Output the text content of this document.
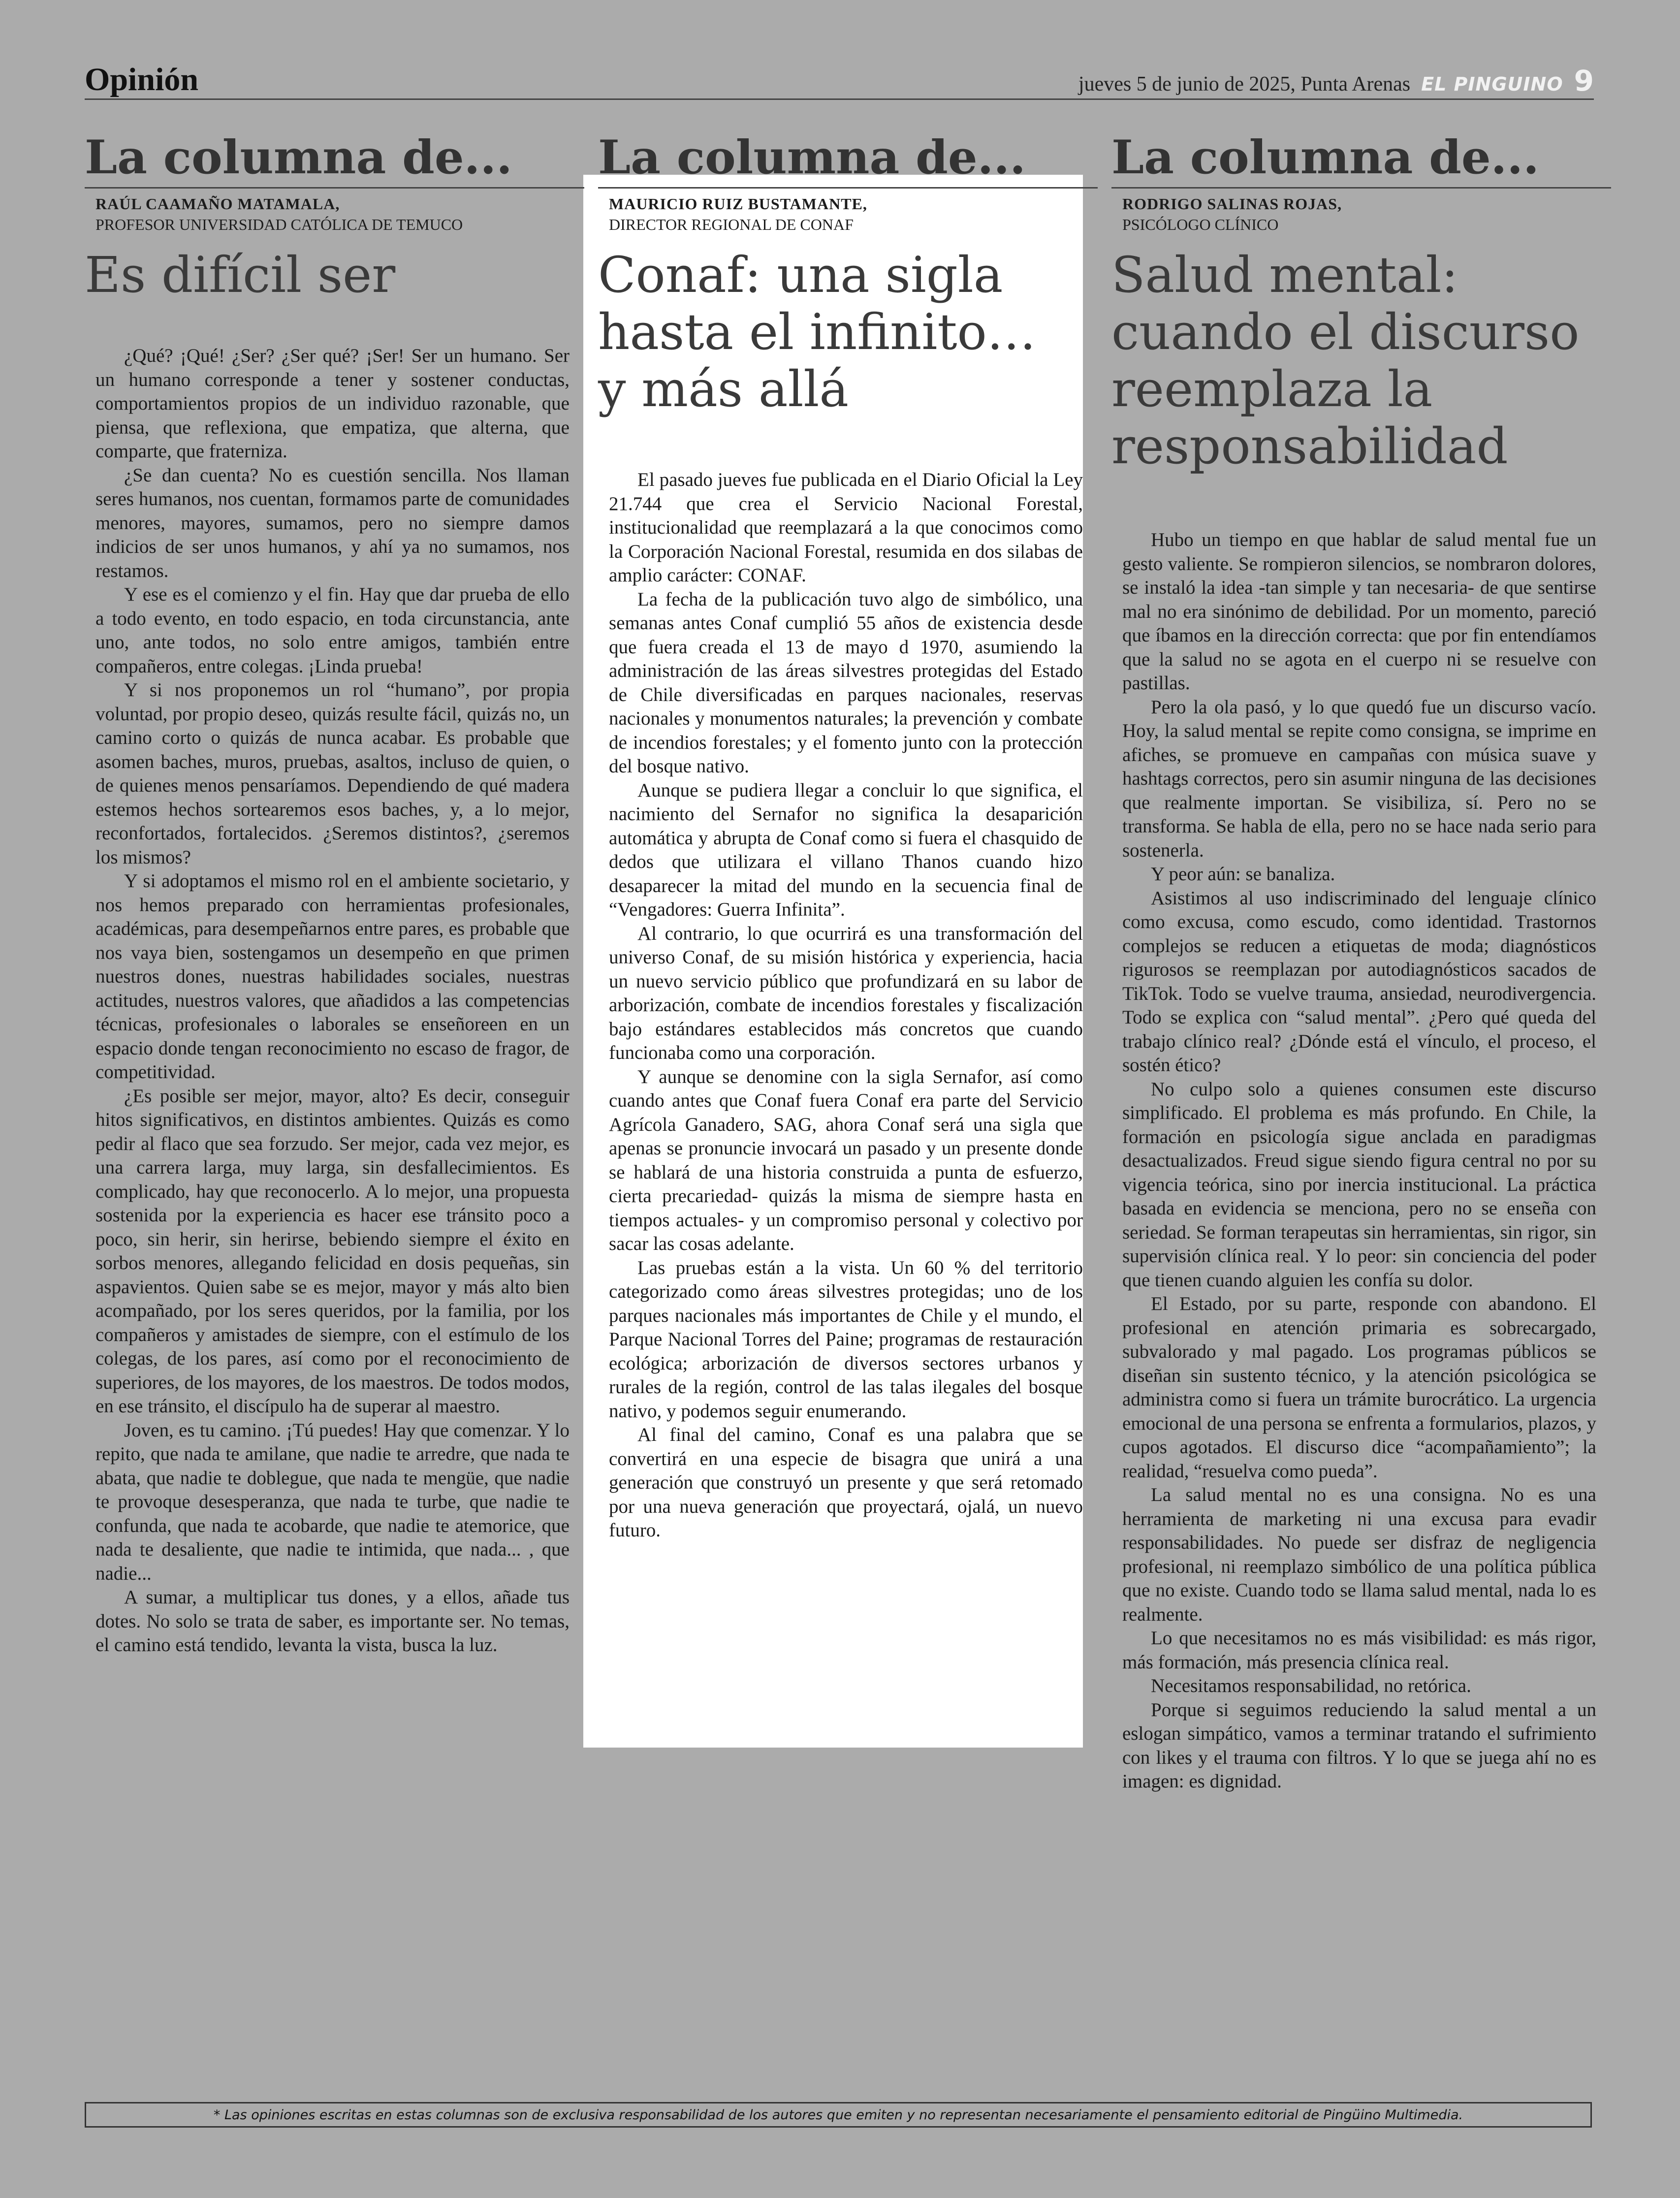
Opinión	jueves 5 de junio de 2025, Punta Arenas EL PINGUINO 9
La columna de...
RAÚL CAAMAÑO MATAMALA,
PROFESOR UNIVERSIDAD CATÓLICA DE TEMUCO
Es difícil ser

¿Qué? ¡Qué! ¿Ser? ¿Ser qué? ¡Ser! Ser un humano. Ser un humano corresponde a tener y sostener conductas, comportamientos propios de un individuo razonable, que piensa, que reflexiona, que empatiza, que alterna, que comparte, que fraterniza.

¿Se dan cuenta? No es cuestión sencilla. Nos llaman seres humanos, nos cuentan, formamos parte de comunidades menores, mayores, sumamos, pero no siempre damos indicios de ser unos humanos, y ahí ya no sumamos, nos restamos.

Y ese es el comienzo y el fin. Hay que dar prueba de ello a todo evento, en todo espacio, en toda circunstancia, ante uno, ante todos, no solo entre amigos, también entre compañeros, entre colegas. ¡Linda prueba!

Y si nos proponemos un rol “humano”, por propia voluntad, por propio deseo, quizás resulte fácil, quizás no, un camino corto o quizás de nunca acabar. Es probable que asomen baches, muros, pruebas, asaltos, incluso de quien, o de quienes menos pensaríamos. Dependiendo de qué madera estemos hechos sortearemos esos baches, y, a lo mejor, reconfortados, fortalecidos. ¿Seremos distintos?, ¿seremos los mismos?

Y si adoptamos el mismo rol en el ambiente societario, y nos hemos preparado con herramientas profesionales, académicas, para desempeñarnos entre pares, es probable que nos vaya bien, sostengamos un desempeño en que primen nuestros dones, nuestras habilidades sociales, nuestras actitudes, nuestros valores, que añadidos a las competencias técnicas, profesionales o laborales se enseñoreen en un espacio donde tengan reconocimiento no escaso de fragor, de competitividad.

¿Es posible ser mejor, mayor, alto? Es decir, conseguir hitos significativos, en distintos ambientes. Quizás es como pedir al flaco que sea forzudo. Ser mejor, cada vez mejor, es una carrera larga, muy larga, sin desfallecimientos. Es complicado, hay que reconocerlo. A lo mejor, una propuesta sostenida por la experiencia es hacer ese tránsito poco a poco, sin herir, sin herirse, bebiendo siempre el éxito en sorbos menores, allegando felicidad en dosis pequeñas, sin aspavientos. Quien sabe se es mejor, mayor y más alto bien acompañado, por los seres queridos, por la familia, por los compañeros y amistades de siempre, con el estímulo de los colegas, de los pares, así como por el reconocimiento de superiores, de los mayores, de los maestros. De todos modos, en ese tránsito, el discípulo ha de superar al maestro.

Joven, es tu camino. ¡Tú puedes! Hay que comenzar. Y lo repito, que nada te amilane, que nadie te arredre, que nada te abata, que nadie te doblegue, que nada te mengüe, que nadie te provoque desesperanza, que nada te turbe, que nadie te confunda, que nada te acobarde, que nadie te atemorice, que nada te desaliente, que nadie te intimida, que nada... , que nadie...

A sumar, a multiplicar tus dones, y a ellos, añade tus dotes. No solo se trata de saber, es importante ser. No temas, el camino está tendido, levanta la vista, busca la luz.

La columna de...
MAURICIO RUIZ BUSTAMANTE,
DIRECTOR REGIONAL DE CONAF
Conaf: una sigla
hasta el infinito…
y más allá

El pasado jueves fue publicada en el Diario Oficial la Ley 21.744 que crea el Servicio Nacional Forestal, institucionalidad que reemplazará a la que conocimos como la Corporación Nacional Forestal, resumida en dos silabas de amplio carácter: CONAF.

La fecha de la publicación tuvo algo de simbólico, una semanas antes Conaf cumplió 55 años de existencia desde que fuera creada el 13 de mayo d 1970, asumiendo la administración de las áreas silvestres protegidas del Estado de Chile diversificadas en parques nacionales, reservas nacionales y monumentos naturales; la prevención y combate de incendios forestales; y el fomento junto con la protección del bosque nativo.

Aunque se pudiera llegar a concluir lo que significa, el nacimiento del Sernafor no significa la desaparición automática y abrupta de Conaf como si fuera el chasquido de dedos que utilizara el villano Thanos cuando hizo desaparecer la mitad del mundo en la secuencia final de “Vengadores: Guerra Infinita”.

Al contrario, lo que ocurrirá es una transformación del universo Conaf, de su misión histórica y experiencia, hacia un nuevo servicio público que profundizará en su labor de arborización, combate de incendios forestales y fiscalización bajo estándares establecidos más concretos que cuando funcionaba como una corporación.

Y aunque se denomine con la sigla Sernafor, así como cuando antes que Conaf fuera Conaf era parte del Servicio Agrícola Ganadero, SAG, ahora Conaf será una sigla que apenas se pronuncie invocará un pasado y un presente donde se hablará de una historia construida a punta de esfuerzo, cierta precariedad- quizás la misma de siempre hasta en tiempos actuales- y un compromiso personal y colectivo por sacar las cosas adelante.

Las pruebas están a la vista. Un 60 % del territorio categorizado como áreas silvestres protegidas; uno de los parques nacionales más importantes de Chile y el mundo, el Parque Nacional Torres del Paine; programas de restauración ecológica; arborización de diversos sectores urbanos y rurales de la región, control de las talas ilegales del bosque nativo, y podemos seguir enumerando.

Al final del camino, Conaf es una palabra que se convertirá en una especie de bisagra que unirá a una generación que construyó un presente y que será retomado por una nueva generación que proyectará, ojalá, un nuevo futuro.

La columna de...
RODRIGO SALINAS ROJAS,
PSICÓLOGO CLÍNICO
Salud mental:
cuando el discurso
reemplaza la
responsabilidad

Hubo un tiempo en que hablar de salud mental fue un gesto valiente. Se rompieron silencios, se nombraron dolores, se instaló la idea -tan simple y tan necesaria- de que sentirse mal no era sinónimo de debilidad. Por un momento, pareció que íbamos en la dirección correcta: que por fin entendíamos que la salud no se agota en el cuerpo ni se resuelve con pastillas.

Pero la ola pasó, y lo que quedó fue un discurso vacío. Hoy, la salud mental se repite como consigna, se imprime en afiches, se promueve en campañas con música suave y hashtags correctos, pero sin asumir ninguna de las decisiones que realmente importan. Se visibiliza, sí. Pero no se transforma. Se habla de ella, pero no se hace nada serio para sostenerla.

Y peor aún: se banaliza.

Asistimos al uso indiscriminado del lenguaje clínico como excusa, como escudo, como identidad. Trastornos complejos se reducen a etiquetas de moda; diagnósticos rigurosos se reemplazan por autodiagnósticos sacados de TikTok. Todo se vuelve trauma, ansiedad, neurodivergencia. Todo se explica con “salud mental”. ¿Pero qué queda del trabajo clínico real? ¿Dónde está el vínculo, el proceso, el sostén ético?

No culpo solo a quienes consumen este discurso simplificado. El problema es más profundo. En Chile, la formación en psicología sigue anclada en paradigmas desactualizados. Freud sigue siendo figura central no por su vigencia teórica, sino por inercia institucional. La práctica basada en evidencia se menciona, pero no se enseña con seriedad. Se forman terapeutas sin herramientas, sin rigor, sin supervisión clínica real. Y lo peor: sin conciencia del poder que tienen cuando alguien les confía su dolor.

El Estado, por su parte, responde con abandono. El profesional en atención primaria es sobrecargado, subvalorado y mal pagado. Los programas públicos se diseñan sin sustento técnico, y la atención psicológica se administra como si fuera un trámite burocrático. La urgencia emocional de una persona se enfrenta a formularios, plazos, y cupos agotados. El discurso dice “acompañamiento”; la realidad, “resuelva como pueda”.

La salud mental no es una consigna. No es una herramienta de marketing ni una excusa para evadir responsabilidades. No puede ser disfraz de negligencia profesional, ni reemplazo simbólico de una política pública que no existe. Cuando todo se llama salud mental, nada lo es realmente.

Lo que necesitamos no es más visibilidad: es más rigor, más formación, más presencia clínica real.

Necesitamos responsabilidad, no retórica.

Porque si seguimos reduciendo la salud mental a un eslogan simpático, vamos a terminar tratando el sufrimiento con likes y el trauma con filtros. Y lo que se juega ahí no es imagen: es dignidad.

* Las opiniones escritas en estas columnas son de exclusiva responsabilidad de los autores que emiten y no representan necesariamente el pensamiento editorial de Pingüino Multimedia.
